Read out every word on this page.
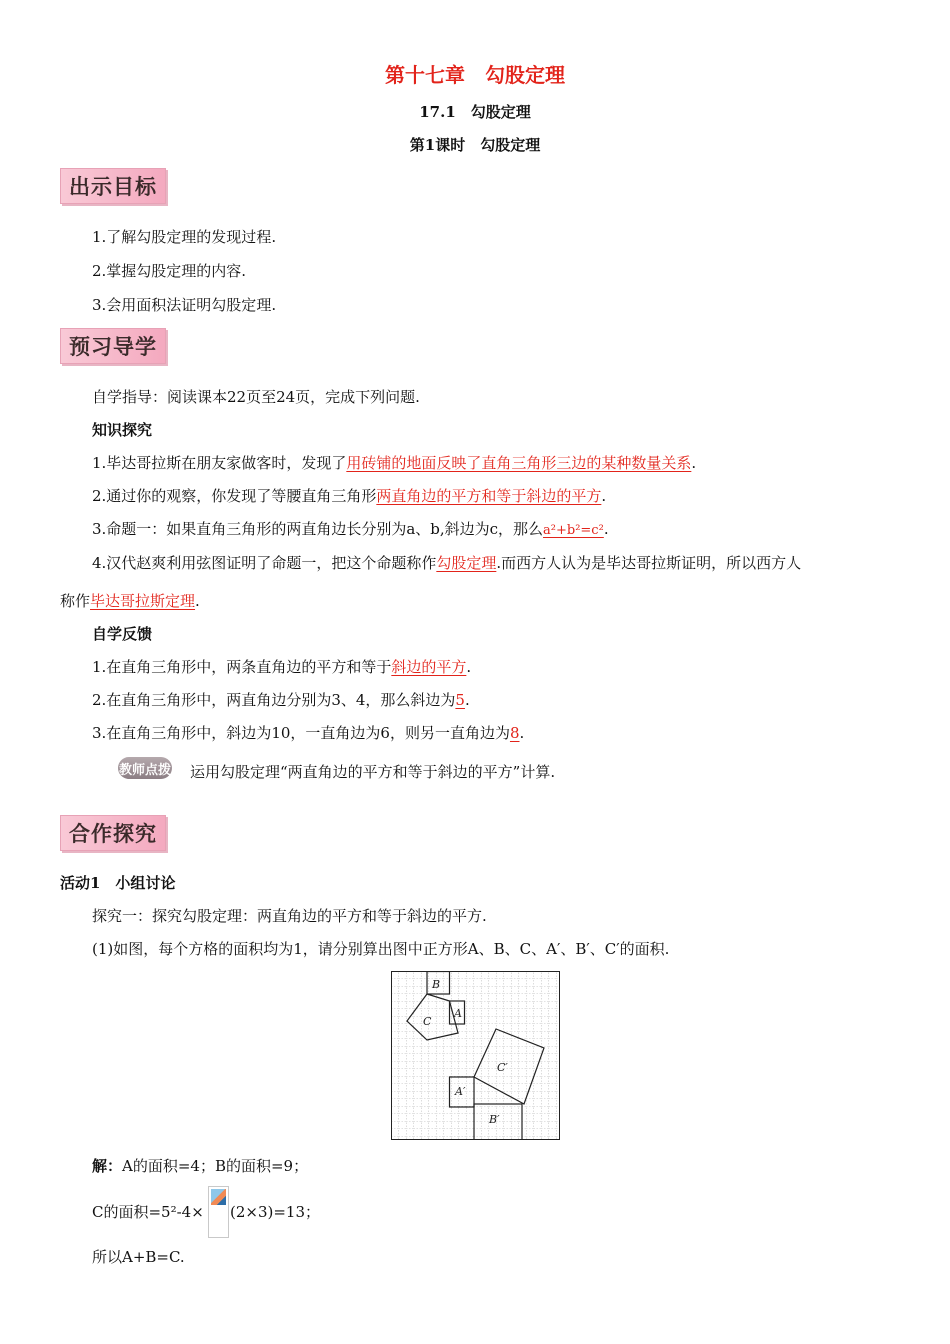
第十七章　勾股定理
17.1　勾股定理
第1课时　勾股定理
出示目标
1.了解勾股定理的发现过程.
2.掌握勾股定理的内容.
3.会用面积法证明勾股定理.
预习导学
自学指导：阅读课本22页至24页，完成下列问题.
知识探究
1.毕达哥拉斯在朋友家做客时，发现了用砖铺的地面反映了直角三角形三边的某种数量关系.
2.通过你的观察，你发现了等腰直角三角形两直角边的平方和等于斜边的平方.
3.命题一：如果直角三角形的两直角边长分别为a、b,斜边为c，那么a²+b²=c².
4.汉代赵爽利用弦图证明了命题一，把这个命题称作勾股定理.而西方人认为是毕达哥拉斯证明，所以西方人
称作毕达哥拉斯定理.
自学反馈
1.在直角三角形中，两条直角边的平方和等于斜边的平方.
2.在直角三角形中，两直角边分别为3、4，那么斜边为5.
3.在直角三角形中，斜边为10，一直角边为6，则另一直角边为8.
教师点拨 运用勾股定理“两直角边的平方和等于斜边的平方”计算.
合作探究
活动1　小组讨论
探究一：探究勾股定理：两直角边的平方和等于斜边的平方.
(1)如图，每个方格的面积均为1，请分别算出图中正方形A、B、C、A′、B′、C′的面积.
B
A
C
C′
A′
B′
解：A的面积=4；B的面积=9；
C的面积=5²-4× (2×3)=13；
所以A+B=C.
